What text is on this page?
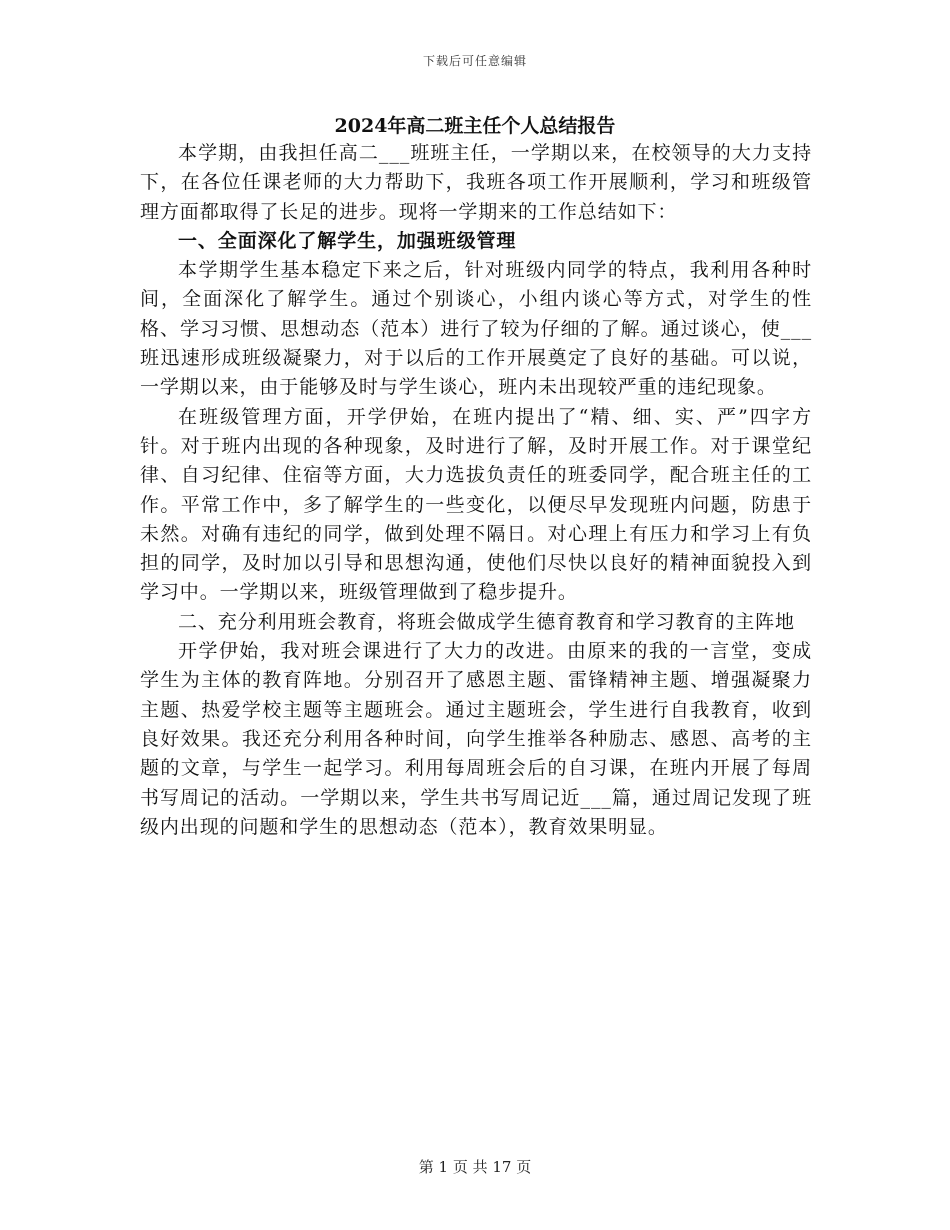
下载后可任意编辑
2024年高二班主任个人总结报告

本学期，由我担任高二___班班主任，一学期以来，在校领导的大力支持下，在各位任课老师的大力帮助下，我班各项工作开展顺利，学习和班级管理方面都取得了长足的进步。现将一学期来的工作总结如下：

一、全面深化了解学生，加强班级管理

本学期学生基本稳定下来之后，针对班级内同学的特点，我利用各种时间，全面深化了解学生。通过个别谈心，小组内谈心等方式，对学生的性格、学习习惯、思想动态（范本）进行了较为仔细的了解。通过谈心，使___班迅速形成班级凝聚力，对于以后的工作开展奠定了良好的基础。可以说，一学期以来，由于能够及时与学生谈心，班内未出现较严重的违纪现象。

在班级管理方面，开学伊始，在班内提出了“精、细、实、严”四字方针。对于班内出现的各种现象，及时进行了解，及时开展工作。对于课堂纪律、自习纪律、住宿等方面，大力选拔负责任的班委同学，配合班主任的工作。平常工作中，多了解学生的一些变化，以便尽早发现班内问题，防患于未然。对确有违纪的同学，做到处理不隔日。对心理上有压力和学习上有负担的同学，及时加以引导和思想沟通，使他们尽快以良好的精神面貌投入到学习中。一学期以来，班级管理做到了稳步提升。

二、充分利用班会教育，将班会做成学生德育教育和学习教育的主阵地

开学伊始，我对班会课进行了大力的改进。由原来的我的一言堂，变成学生为主体的教育阵地。分别召开了感恩主题、雷锋精神主题、增强凝聚力主题、热爱学校主题等主题班会。通过主题班会，学生进行自我教育，收到良好效果。我还充分利用各种时间，向学生推举各种励志、感恩、高考的主题的文章，与学生一起学习。利用每周班会后的自习课，在班内开展了每周书写周记的活动。一学期以来，学生共书写周记近___篇，通过周记发现了班级内出现的问题和学生的思想动态（范本），教育效果明显。

第 1 页 共 17 页
